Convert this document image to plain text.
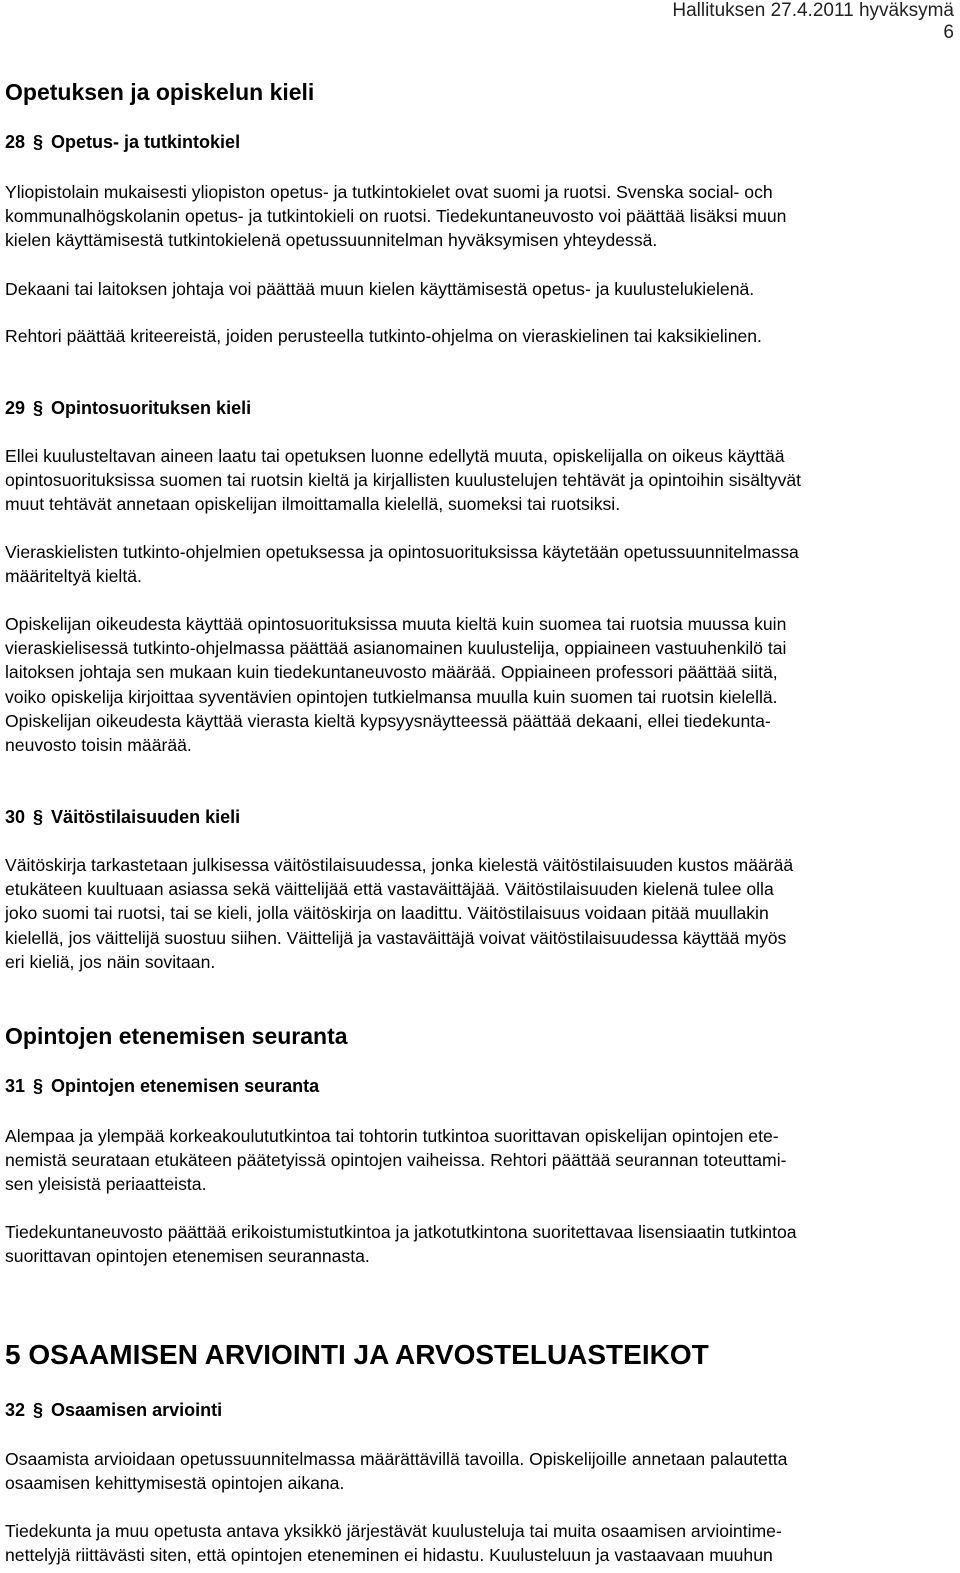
Hallituksen 27.4.2011 hyväksymä
6
Opetuksen ja opiskelun kieli
28 § Opetus- ja tutkintokiel
Yliopistolain mukaisesti yliopiston opetus- ja tutkintokielet ovat suomi ja ruotsi. Svenska social- och
kommunalhögskolanin opetus- ja tutkintokieli on ruotsi. Tiedekuntaneuvosto voi päättää lisäksi muun
kielen käyttämisestä tutkintokielenä opetussuunnitelman hyväksymisen yhteydessä.
Dekaani tai laitoksen johtaja voi päättää muun kielen käyttämisestä opetus- ja kuulustelukielenä.
Rehtori päättää kriteereistä, joiden perusteella tutkinto-ohjelma on vieraskielinen tai kaksikielinen.
29 § Opintosuorituksen kieli
Ellei kuulusteltavan aineen laatu tai opetuksen luonne edellytä muuta, opiskelijalla on oikeus käyttää
opintosuorituksissa suomen tai ruotsin kieltä ja kirjallisten kuulustelujen tehtävät ja opintoihin sisältyvät
muut tehtävät annetaan opiskelijan ilmoittamalla kielellä, suomeksi tai ruotsiksi.
Vieraskielisten tutkinto-ohjelmien opetuksessa ja opintosuorituksissa käytetään opetussuunnitelmassa
määriteltyä kieltä.
Opiskelijan oikeudesta käyttää opintosuorituksissa muuta kieltä kuin suomea tai ruotsia muussa kuin
vieraskielisessä tutkinto-ohjelmassa päättää asianomainen kuulustelija, oppiaineen vastuuhenkilö tai
laitoksen johtaja sen mukaan kuin tiedekuntaneuvosto määrää. Oppiaineen professori päättää siitä,
voiko opiskelija kirjoittaa syventävien opintojen tutkielmansa muulla kuin suomen tai ruotsin kielellä.
Opiskelijan oikeudesta käyttää vierasta kieltä kypsyysnäytteessä päättää dekaani, ellei tiedekunta-
neuvosto toisin määrää.
30 § Väitöstilaisuuden kieli
Väitöskirja tarkastetaan julkisessa väitöstilaisuudessa, jonka kielestä väitöstilaisuuden kustos määrää
etukäteen kuultuaan asiassa sekä väittelijää että vastaväittäjää. Väitöstilaisuuden kielenä tulee olla
joko suomi tai ruotsi, tai se kieli, jolla väitöskirja on laadittu. Väitöstilaisuus voidaan pitää muullakin
kielellä, jos väittelijä suostuu siihen. Väittelijä ja vastaväittäjä voivat väitöstilaisuudessa käyttää myös
eri kieliä, jos näin sovitaan.
Opintojen etenemisen seuranta
31 § Opintojen etenemisen seuranta
Alempaa ja ylempää korkeakoulututkintoa tai tohtorin tutkintoa suorittavan opiskelijan opintojen ete-
nemistä seurataan etukäteen päätetyissä opintojen vaiheissa. Rehtori päättää seurannan toteuttami-
sen yleisistä periaatteista.
Tiedekuntaneuvosto päättää erikoistumistutkintoa ja jatkotutkintona suoritettavaa lisensiaatin tutkintoa
suorittavan opintojen etenemisen seurannasta.
5 OSAAMISEN ARVIOINTI JA ARVOSTELUASTEIKOT
32 § Osaamisen arviointi
Osaamista arvioidaan opetussuunnitelmassa määrättävillä tavoilla. Opiskelijoille annetaan palautetta
osaamisen kehittymisestä opintojen aikana.
Tiedekunta ja muu opetusta antava yksikkö järjestävät kuulusteluja tai muita osaamisen arviointime-
nettelyjä riittävästi siten, että opintojen eteneminen ei hidastu. Kuulusteluun ja vastaavaan muuhun
